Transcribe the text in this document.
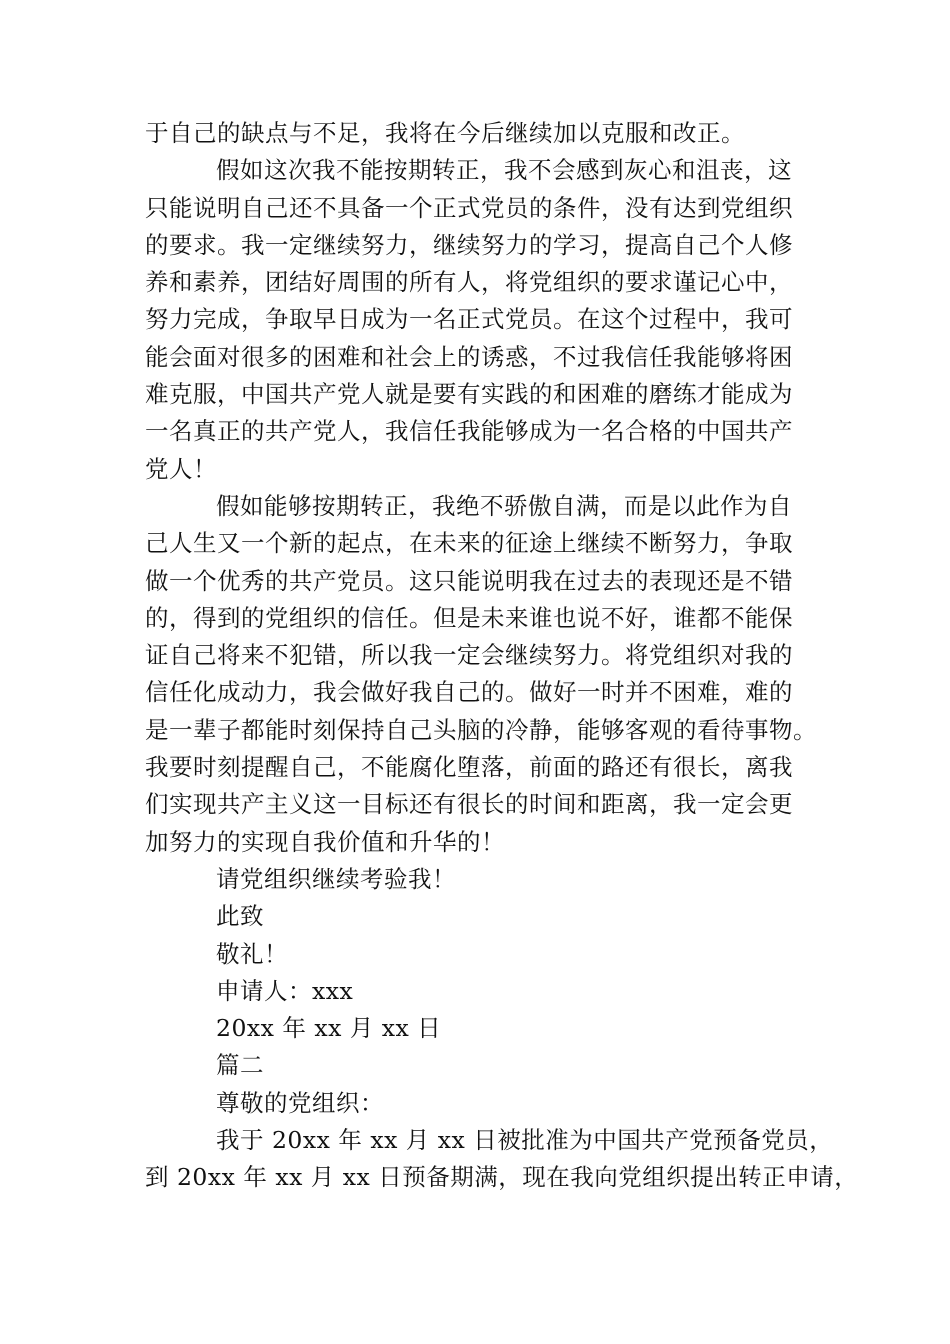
于自己的缺点与不足，我将在今后继续加以克服和改正。
假如这次我不能按期转正，我不会感到灰心和沮丧，这
只能说明自己还不具备一个正式党员的条件，没有达到党组织
的要求。我一定继续努力，继续努力的学习，提高自己个人修
养和素养，团结好周围的所有人，将党组织的要求谨记心中，
努力完成，争取早日成为一名正式党员。在这个过程中，我可
能会面对很多的困难和社会上的诱惑，不过我信任我能够将困
难克服，中国共产党人就是要有实践的和困难的磨练才能成为
一名真正的共产党人，我信任我能够成为一名合格的中国共产
党人！
假如能够按期转正，我绝不骄傲自满，而是以此作为自
己人生又一个新的起点，在未来的征途上继续不断努力，争取
做一个优秀的共产党员。这只能说明我在过去的表现还是不错
的，得到的党组织的信任。但是未来谁也说不好，谁都不能保
证自己将来不犯错，所以我一定会继续努力。将党组织对我的
信任化成动力，我会做好我自己的。做好一时并不困难，难的
是一辈子都能时刻保持自己头脑的冷静，能够客观的看待事物。
我要时刻提醒自己，不能腐化堕落，前面的路还有很长，离我
们实现共产主义这一目标还有很长的时间和距离，我一定会更
加努力的实现自我价值和升华的！
请党组织继续考验我！
此致
敬礼！
申请人：xxx
20xx 年 xx 月 xx 日
篇二
尊敬的党组织：
我于 20xx 年 xx 月 xx 日被批准为中国共产党预备党员，
到 20xx 年 xx 月 xx 日预备期满，现在我向党组织提出转正申请，
